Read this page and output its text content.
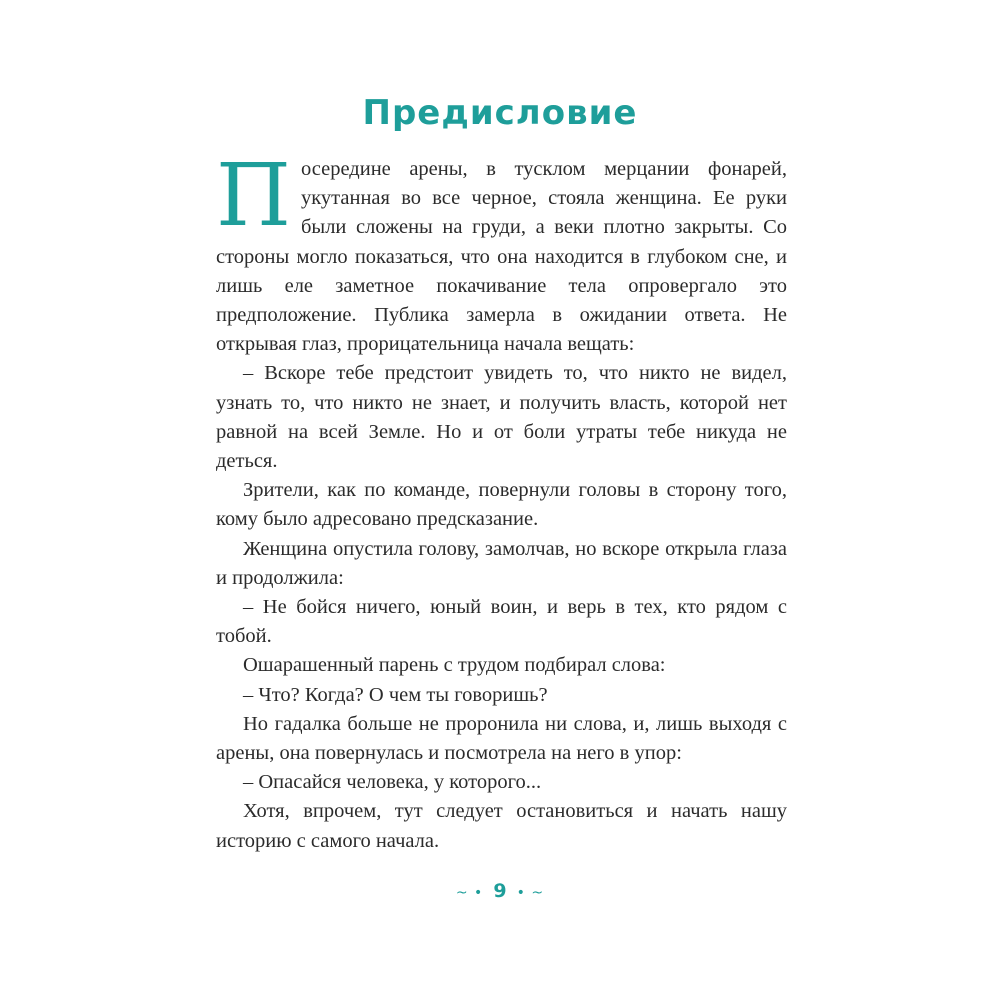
Предисловие

Посередине арены, в тусклом мерцании фонарей, укутанная во все черное, стояла женщина. Ее руки были сложены на груди, а веки плотно закрыты. Со стороны могло показаться, что она находится в глубоком сне, и лишь еле заметное покачивание тела опровергало это предположение. Публика замерла в ожидании ответа. Не открывая глаз, прорицательница начала вещать:

– Вскоре тебе предстоит увидеть то, что никто не видел, узнать то, что никто не знает, и получить власть, которой нет равной на всей Земле. Но и от боли утраты тебе никуда не деться.

Зрители, как по команде, повернули головы в сторону того, кому было адресовано предсказание.

Женщина опустила голову, замолчав, но вскоре открыла глаза и продолжила:

– Не бойся ничего, юный воин, и верь в тех, кто рядом с тобой.

Ошарашенный парень с трудом подбирал слова:

– Что? Когда? О чем ты говоришь?

Но гадалка больше не проронила ни слова, и, лишь выходя с арены, она повернулась и посмотрела на него в упор:

– Опасайся человека, у которого...

Хотя, впрочем, тут следует остановиться и начать нашу историю с самого начала.

~ • 9 • ~
